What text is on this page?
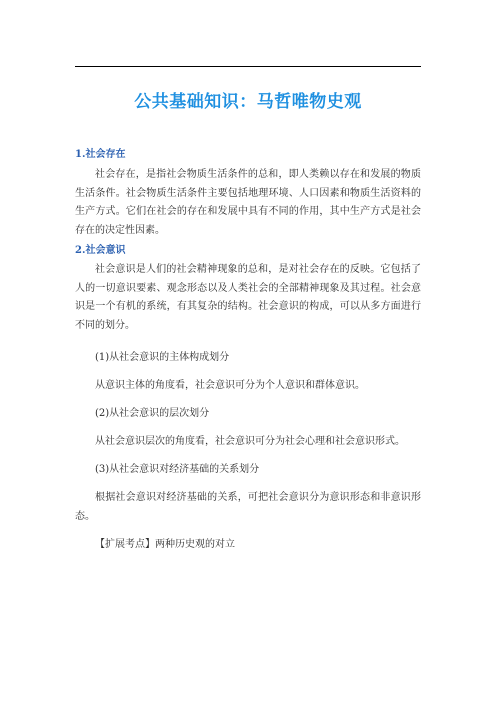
公共基础知识：马哲唯物史观
1.社会存在

社会存在，是指社会物质生活条件的总和，即人类赖以存在和发展的物质生活条件。社会物质生活条件主要包括地理环境、人口因素和物质生活资料的生产方式。它们在社会的存在和发展中具有不同的作用，其中生产方式是社会存在的决定性因素。

2.社会意识

社会意识是人们的社会精神现象的总和，是对社会存在的反映。它包括了人的一切意识要素、观念形态以及人类社会的全部精神现象及其过程。社会意识是一个有机的系统，有其复杂的结构。社会意识的构成，可以从多方面进行不同的划分。

(1)从社会意识的主体构成划分
从意识主体的角度看，社会意识可分为个人意识和群体意识。
(2)从社会意识的层次划分
从社会意识层次的角度看，社会意识可分为社会心理和社会意识形式。
(3)从社会意识对经济基础的关系划分

根据社会意识对经济基础的关系，可把社会意识分为意识形态和非意识形态。

【扩展考点】两种历史观的对立
